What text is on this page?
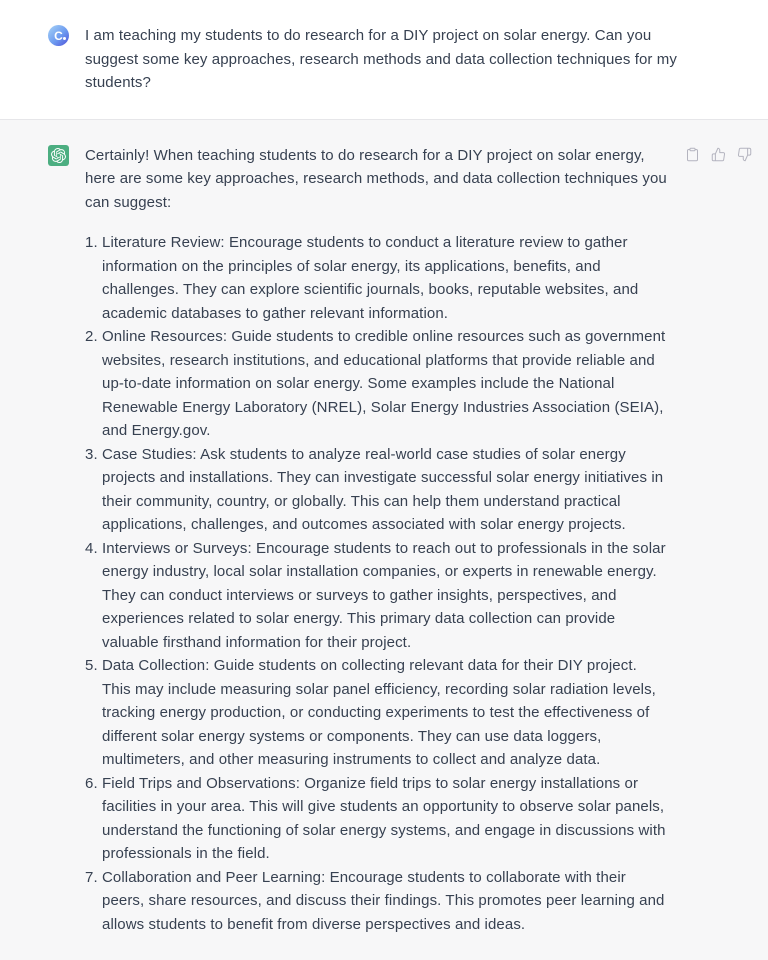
C I am teaching my students to do research for a DIY project on solar energy. Can you suggest some key approaches, research methods and data collection techniques for my students?

Certainly! When teaching students to do research for a DIY project on solar energy, here are some key approaches, research methods, and data collection techniques you can suggest:

1. Literature Review: Encourage students to conduct a literature review to gather information on the principles of solar energy, its applications, benefits, and challenges. They can explore scientific journals, books, reputable websites, and academic databases to gather relevant information.
2. Online Resources: Guide students to credible online resources such as government websites, research institutions, and educational platforms that provide reliable and up-to-date information on solar energy. Some examples include the National Renewable Energy Laboratory (NREL), Solar Energy Industries Association (SEIA), and Energy.gov.
3. Case Studies: Ask students to analyze real-world case studies of solar energy projects and installations. They can investigate successful solar energy initiatives in their community, country, or globally. This can help them understand practical applications, challenges, and outcomes associated with solar energy projects.
4. Interviews or Surveys: Encourage students to reach out to professionals in the solar energy industry, local solar installation companies, or experts in renewable energy. They can conduct interviews or surveys to gather insights, perspectives, and experiences related to solar energy. This primary data collection can provide valuable firsthand information for their project.
5. Data Collection: Guide students on collecting relevant data for their DIY project. This may include measuring solar panel efficiency, recording solar radiation levels, tracking energy production, or conducting experiments to test the effectiveness of different solar energy systems or components. They can use data loggers, multimeters, and other measuring instruments to collect and analyze data.
6. Field Trips and Observations: Organize field trips to solar energy installations or facilities in your area. This will give students an opportunity to observe solar panels, understand the functioning of solar energy systems, and engage in discussions with professionals in the field.
7. Collaboration and Peer Learning: Encourage students to collaborate with their peers, share resources, and discuss their findings. This promotes peer learning and allows students to benefit from diverse perspectives and ideas.
